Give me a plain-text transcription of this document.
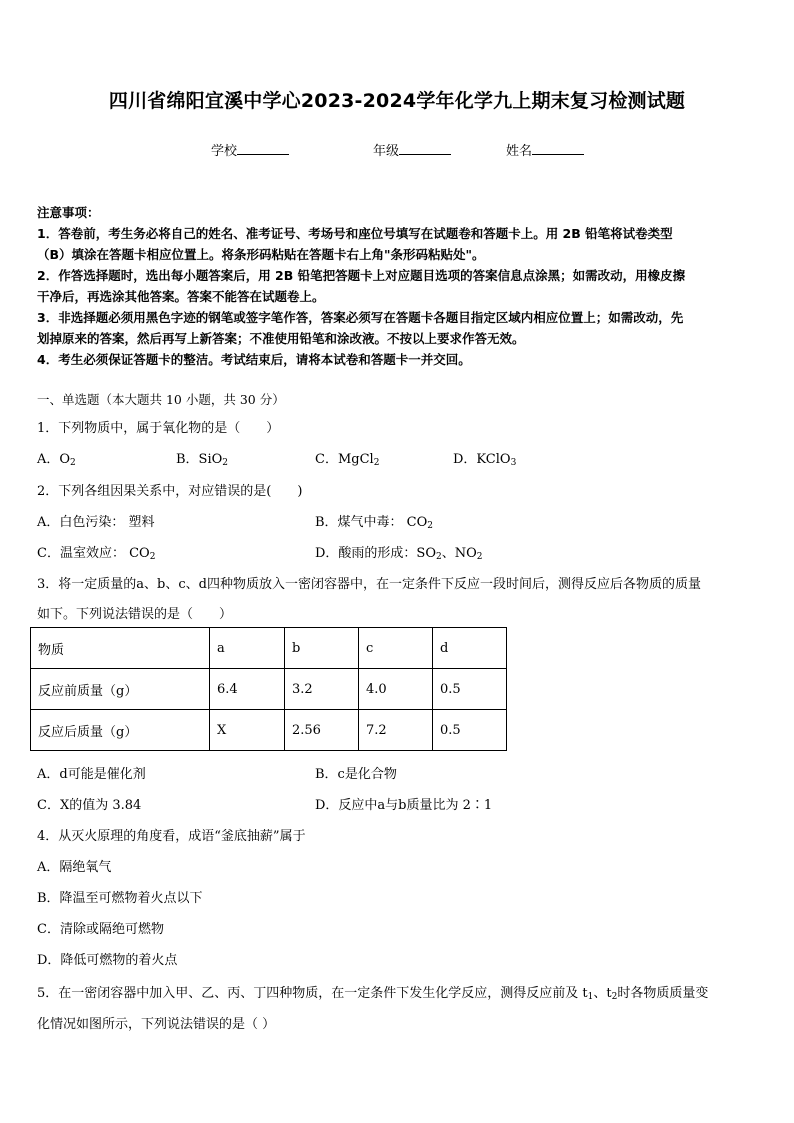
四川省绵阳宜溪中学心2023-2024学年化学九上期末复习检测试题
学校	年级	姓名
注意事项：
1．答卷前，考生务必将自己的姓名、准考证号、考场号和座位号填写在试题卷和答题卡上。用 2B 铅笔将试卷类型
（B）填涂在答题卡相应位置上。将条形码粘贴在答题卡右上角"条形码粘贴处"。
2．作答选择题时，选出每小题答案后，用 2B 铅笔把答题卡上对应题目选项的答案信息点涂黑；如需改动，用橡皮擦
干净后，再选涂其他答案。答案不能答在试题卷上。
3．非选择题必须用黑色字迹的钢笔或签字笔作答，答案必须写在答题卡各题目指定区域内相应位置上；如需改动，先
划掉原来的答案，然后再写上新答案；不准使用铅笔和涂改液。不按以上要求作答无效。
4．考生必须保证答题卡的整洁。考试结束后，请将本试卷和答题卡一并交回。
一、单选题（本大题共 10 小题，共 30 分）
1．下列物质中，属于氧化物的是（　　）
A．$O_2$	B．SiO$_2$	C．MgCl$_2$	D．KClO$_3$
2．下列各组因果关系中，对应错误的是(　　)
A．白色污染： 塑料	B．煤气中毒： $CO_2$
C．温室效应： $CO_2$	D．酸雨的形成：$SO_2$、$NO_2$
3．将一定质量的a、b、c、d四种物质放入一密闭容器中，在一定条件下反应一段时间后，测得反应后各物质的质量
如下。下列说法错误的是（　　）
物质	a	b	c	d
反应前质量（g）	6.4	3.2	4.0	0.5
反应后质量（g）	X	2.56	7.2	0.5
A．d可能是催化剂	B．c是化合物
C．X的值为 3.84	D．反应中a与b质量比为 2∶1
4．从灭火原理的角度看，成语“釜底抽薪”属于
A．隔绝氧气
B．降温至可燃物着火点以下
C．清除或隔绝可燃物
D．降低可燃物的着火点
5．在一密闭容器中加入甲、乙、丙、丁四种物质，在一定条件下发生化学反应，测得反应前及 $t_1$、$t_2$时各物质质量变
化情况如图所示，下列说法错误的是（ ）
